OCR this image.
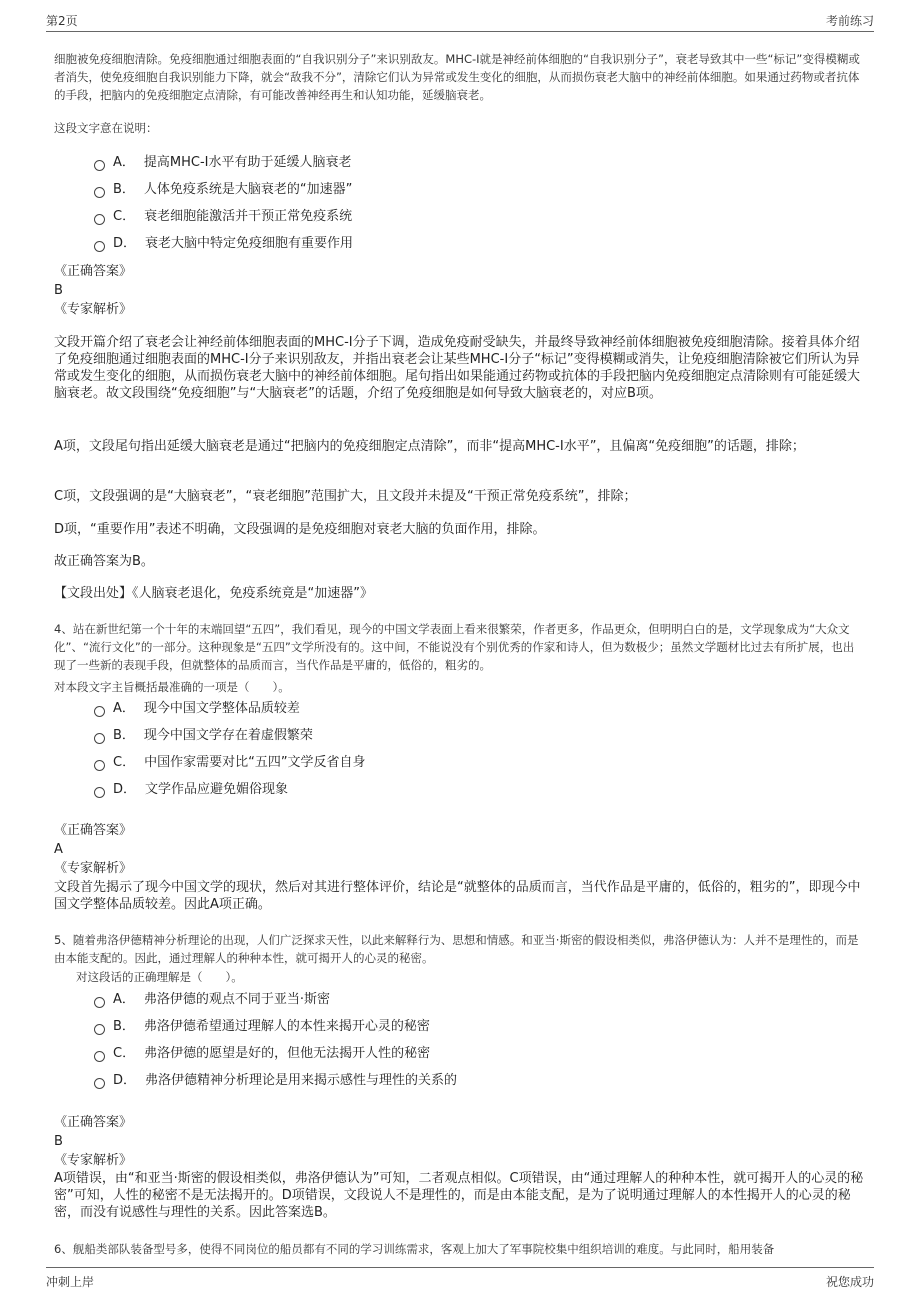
第2页	考前练习

细胞被免疫细胞清除。免疫细胞通过细胞表面的“自我识别分子”来识别敌友。MHC-I就是神经前体细胞的“自我识别分子”，衰老导致其中一些“标记”变得模糊或者消失，使免疫细胞自我识别能力下降，就会“敌我不分”，清除它们认为异常或发生变化的细胞，从而损伤衰老大脑中的神经前体细胞。如果通过药物或者抗体的手段，把脑内的免疫细胞定点清除，有可能改善神经再生和认知功能，延缓脑衰老。

这段文字意在说明：

A． 提高MHC-I水平有助于延缓人脑衰老
B． 人体免疫系统是大脑衰老的“加速器”
C． 衰老细胞能激活并干预正常免疫系统
D． 衰老大脑中特定免疫细胞有重要作用

《正确答案》

B

《专家解析》

文段开篇介绍了衰老会让神经前体细胞表面的MHC-I分子下调，造成免疫耐受缺失，并最终导致神经前体细胞被免疫细胞清除。接着具体介绍了免疫细胞通过细胞表面的MHC-I分子来识别敌友，并指出衰老会让某些MHC-I分子“标记”变得模糊或消失，让免疫细胞清除被它们所认为异常或发生变化的细胞，从而损伤衰老大脑中的神经前体细胞。尾句指出如果能通过药物或抗体的手段把脑内免疫细胞定点清除则有可能延缓大脑衰老。故文段围绕“免疫细胞”与“大脑衰老”的话题，介绍了免疫细胞是如何导致大脑衰老的，对应B项。

A项，文段尾句指出延缓大脑衰老是通过“把脑内的免疫细胞定点清除”，而非“提高MHC-I水平”，且偏离“免疫细胞”的话题，排除；

C项，文段强调的是“大脑衰老”，“衰老细胞”范围扩大，且文段并未提及“干预正常免疫系统”，排除；

D项，“重要作用”表述不明确，文段强调的是免疫细胞对衰老大脑的负面作用，排除。

故正确答案为B。

【文段出处】《人脑衰老退化，免疫系统竟是“加速器”》

4、站在新世纪第一个十年的末端回望“五四”，我们看见，现今的中国文学表面上看来很繁荣，作者更多，作品更众，但明明白白的是，文学现象成为“大众文化”、“流行文化”的一部分。这种现象是“五四”文学所没有的。这中间，不能说没有个别优秀的作家和诗人，但为数极少；虽然文学题材比过去有所扩展，也出现了一些新的表现手段，但就整体的品质而言，当代作品是平庸的，低俗的，粗劣的。

对本段文字主旨概括最准确的一项是（　　）。

A． 现今中国文学整体品质较差
B． 现今中国文学存在着虚假繁荣
C． 中国作家需要对比“五四”文学反省自身
D． 文学作品应避免媚俗现象

《正确答案》

A

《专家解析》

文段首先揭示了现今中国文学的现状，然后对其进行整体评价，结论是“就整体的品质而言，当代作品是平庸的，低俗的，粗劣的”，即现今中国文学整体品质较差。因此A项正确。

5、随着弗洛伊德精神分析理论的出现，人们广泛探求天性，以此来解释行为、思想和情感。和亚当·斯密的假设相类似，弗洛伊德认为：人并不是理性的，而是由本能支配的。因此，通过理解人的种种本性，就可揭开人的心灵的秘密。

对这段话的正确理解是（　　）。

A． 弗洛伊德的观点不同于亚当·斯密
B． 弗洛伊德希望通过理解人的本性来揭开心灵的秘密
C． 弗洛伊德的愿望是好的，但他无法揭开人性的秘密
D． 弗洛伊德精神分析理论是用来揭示感性与理性的关系的

《正确答案》

B

《专家解析》

A项错误，由“和亚当·斯密的假设相类似，弗洛伊德认为”可知，二者观点相似。C项错误，由“通过理解人的种种本性，就可揭开人的心灵的秘密”可知，人性的秘密不是无法揭开的。D项错误，文段说人不是理性的，而是由本能支配，是为了说明通过理解人的本性揭开人的心灵的秘密，而没有说感性与理性的关系。因此答案选B。

6、舰船类部队装备型号多，使得不同岗位的船员都有不同的学习训练需求，客观上加大了军事院校集中组织培训的难度。与此同时，船用装备

冲刺上岸	祝您成功
